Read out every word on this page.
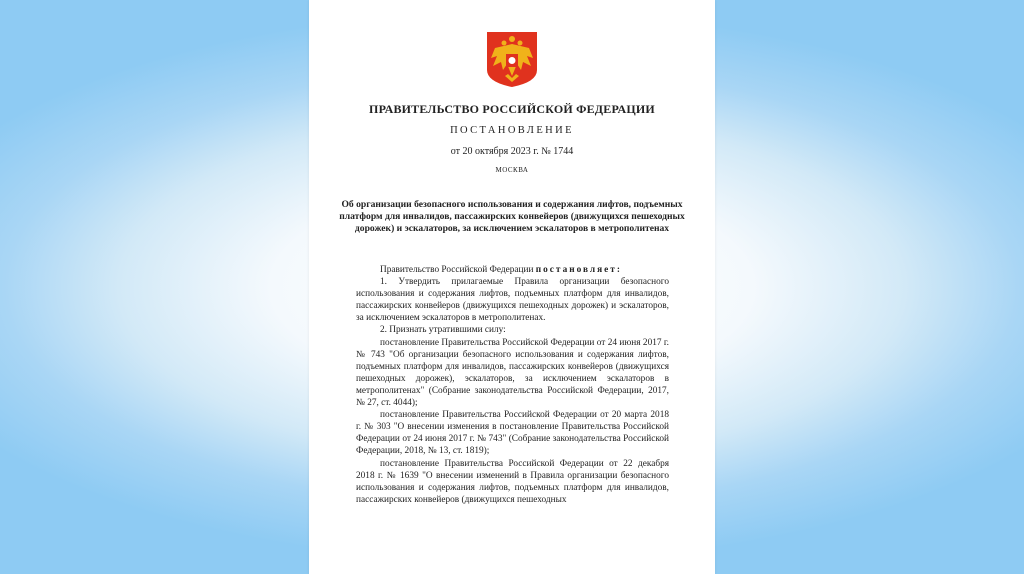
ПРАВИТЕЛЬСТВО РОССИЙСКОЙ ФЕДЕРАЦИИ
ПОСТАНОВЛЕНИЕ
от 20 октября 2023 г. № 1744
МОСКВА
Об организации безопасного использования и содержания лифтов, подъемных платформ для инвалидов, пассажирских конвейеров (движущихся пешеходных дорожек) и эскалаторов, за исключением эскалаторов в метрополитенах

Правительство Российской Федерации постановляет:

1. Утвердить прилагаемые Правила организации безопасного использования и содержания лифтов, подъемных платформ для инвалидов, пассажирских конвейеров (движущихся пешеходных дорожек) и эскалаторов, за исключением эскалаторов в метрополитенах.

2. Признать утратившими силу:

постановление Правительства Российской Федерации от 24 июня 2017 г. № 743 "Об организации безопасного использования и содержания лифтов, подъемных платформ для инвалидов, пассажирских конвейеров (движущихся пешеходных дорожек), эскалаторов, за исключением эскалаторов в метрополитенах" (Собрание законодательства Российской Федерации, 2017, № 27, ст. 4044);

постановление Правительства Российской Федерации от 20 марта 2018 г. № 303 "О внесении изменения в постановление Правительства Российской Федерации от 24 июня 2017 г. № 743" (Собрание законодательства Российской Федерации, 2018, № 13, ст. 1819);

постановление Правительства Российской Федерации от 22 декабря 2018 г. № 1639 "О внесении изменений в Правила организации безопасного использования и содержания лифтов, подъемных платформ для инвалидов, пассажирских конвейеров (движущихся пешеходных
